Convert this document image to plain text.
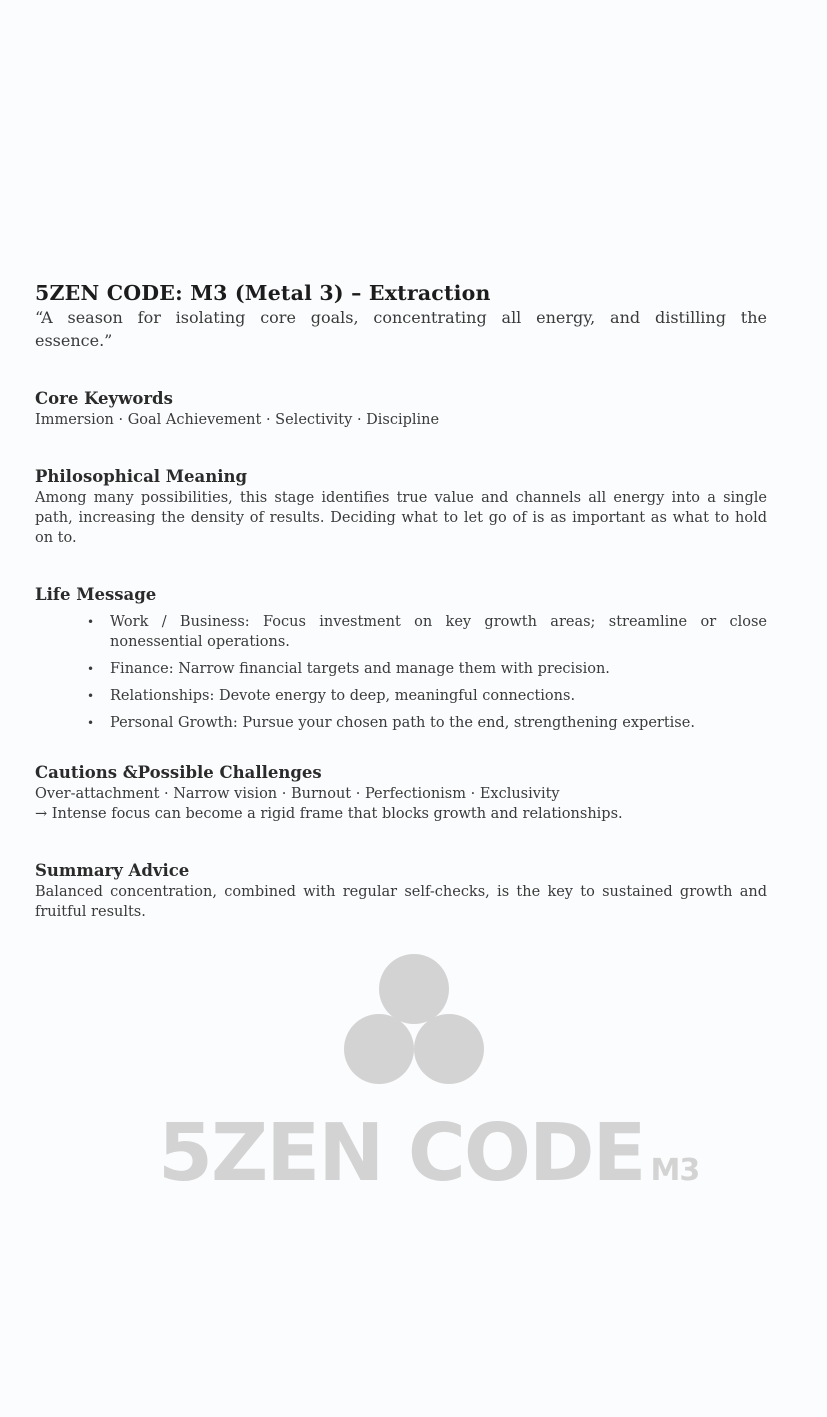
5ZEN CODE: M3 (Metal 3) – Extraction

“A season for isolating core goals, concentrating all energy, and distilling the essence.”

Core Keywords

Immersion · Goal Achievement · Selectivity · Discipline

Philosophical Meaning

Among many possibilities, this stage identifies true value and channels all energy into a single path, increasing the density of results. Deciding what to let go of is as important as what to hold on to.

Life Message
• Work / Business: Focus investment on key growth areas; streamline or close nonessential operations.
• Finance: Narrow financial targets and manage them with precision.
• Relationships: Devote energy to deep, meaningful connections.
• Personal Growth: Pursue your chosen path to the end, strengthening expertise.
Cautions &Possible Challenges

Over-attachment · Narrow vision · Burnout · Perfectionism · Exclusivity

→ Intense focus can become a rigid frame that blocks growth and relationships.

Summary Advice

Balanced concentration, combined with regular self-checks, is the key to sustained growth and fruitful results.

5ZEN CODE M3
